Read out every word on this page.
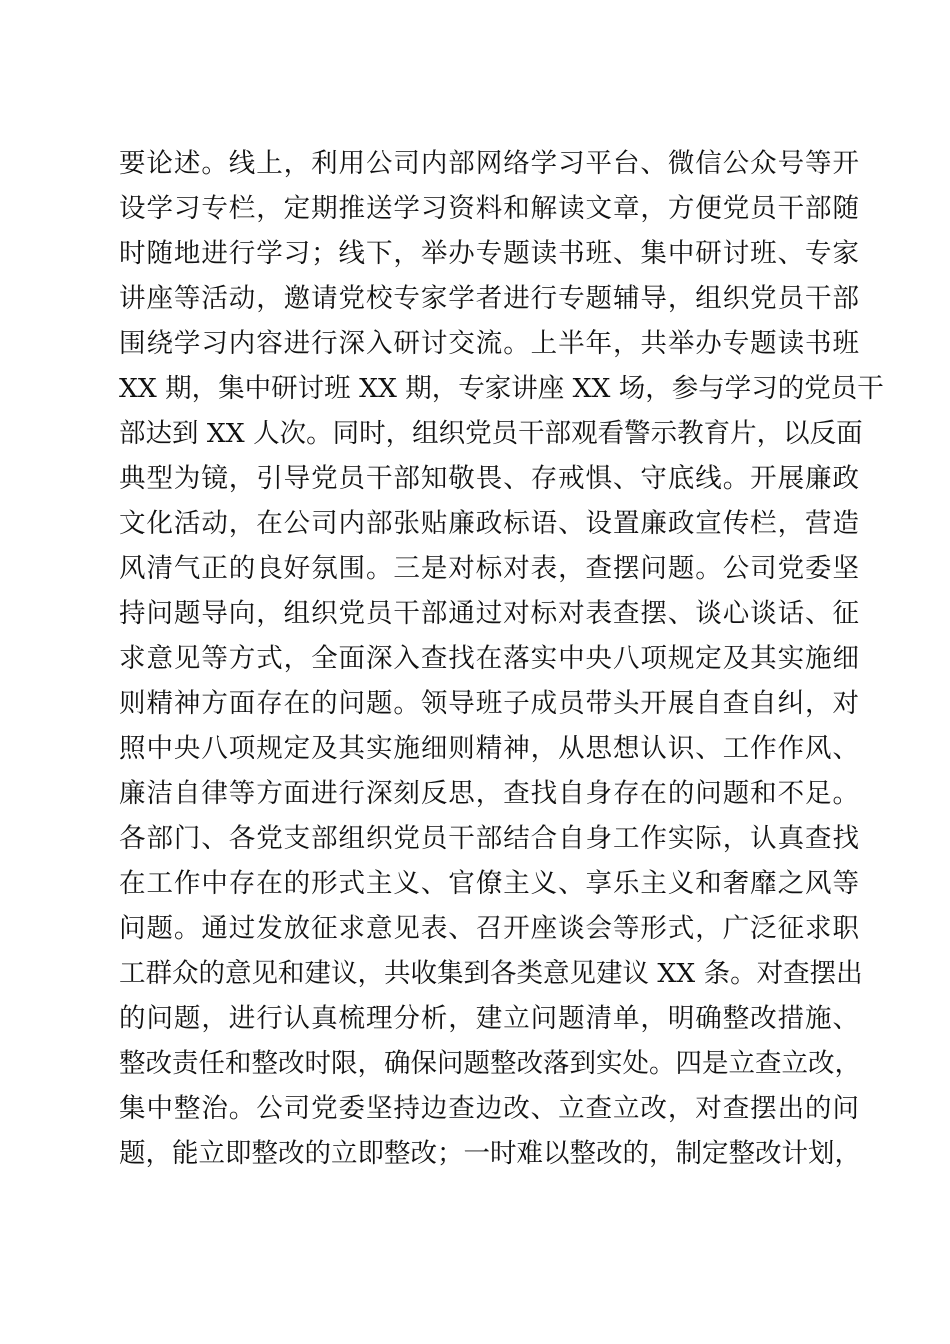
要论述。线上，利用公司内部网络学习平台、微信公众号等开
设学习专栏，定期推送学习资料和解读文章，方便党员干部随
时随地进行学习；线下，举办专题读书班、集中研讨班、专家
讲座等活动，邀请党校专家学者进行专题辅导，组织党员干部
围绕学习内容进行深入研讨交流。上半年，共举办专题读书班
XX 期，集中研讨班 XX 期，专家讲座 XX 场，参与学习的党员干
部达到 XX 人次。同时，组织党员干部观看警示教育片，以反面
典型为镜，引导党员干部知敬畏、存戒惧、守底线。开展廉政
文化活动，在公司内部张贴廉政标语、设置廉政宣传栏，营造
风清气正的良好氛围。三是对标对表，查摆问题。公司党委坚
持问题导向，组织党员干部通过对标对表查摆、谈心谈话、征
求意见等方式，全面深入查找在落实中央八项规定及其实施细
则精神方面存在的问题。领导班子成员带头开展自查自纠，对
照中央八项规定及其实施细则精神，从思想认识、工作作风、
廉洁自律等方面进行深刻反思，查找自身存在的问题和不足。
各部门、各党支部组织党员干部结合自身工作实际，认真查找
在工作中存在的形式主义、官僚主义、享乐主义和奢靡之风等
问题。通过发放征求意见表、召开座谈会等形式，广泛征求职
工群众的意见和建议，共收集到各类意见建议 XX 条。对查摆出
的问题，进行认真梳理分析，建立问题清单，明确整改措施、
整改责任和整改时限，确保问题整改落到实处。四是立查立改，
集中整治。公司党委坚持边查边改、立查立改，对查摆出的问
题，能立即整改的立即整改；一时难以整改的，制定整改计划，
